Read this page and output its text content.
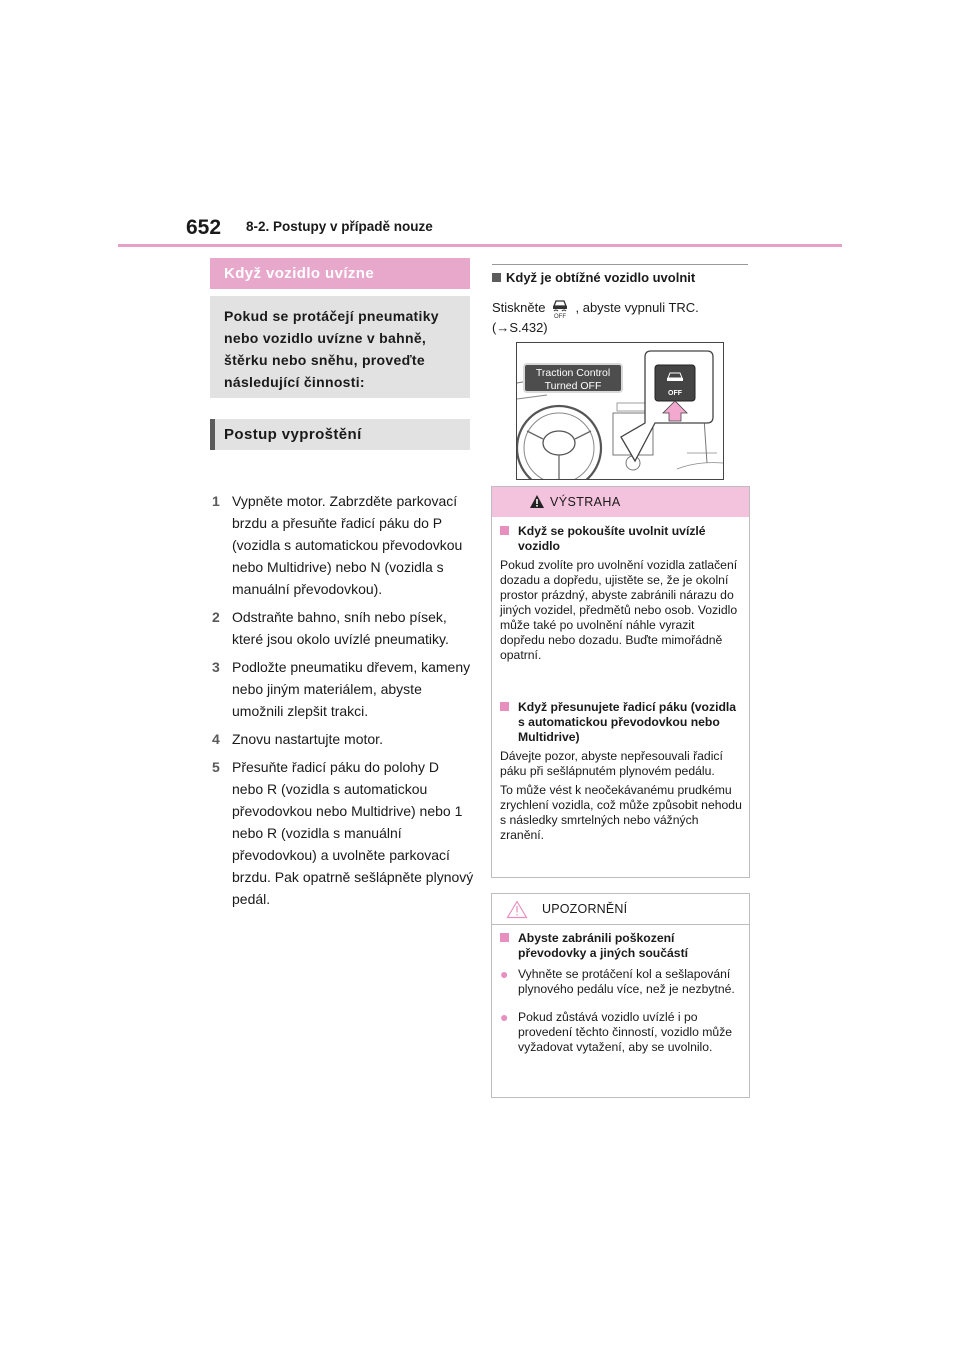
652 8-2. Postupy v případě nouze
Když vozidlo uvízne
Pokud se protáčejí pneumatiky nebo vozidlo uvízne v bahně, štěrku nebo sněhu, proveďte následující činnosti:
Postup vyproštění
1 Vypněte motor. Zabrzděte parkovací brzdu a přesuňte řadicí páku do P (vozidla s automatickou převodovkou nebo Multidrive) nebo N (vozidla s manuální převodovkou).
2 Odstraňte bahno, sníh nebo písek, které jsou okolo uvízlé pneumatiky.
3 Podložte pneumatiku dřevem, kameny nebo jiným materiálem, abyste umožnili zlepšit trakci.
4 Znovu nastartujte motor.
5 Přesuňte řadicí páku do polohy D nebo R (vozidla s automatickou převodovkou nebo Multidrive) nebo 1 nebo R (vozidla s manuální převodovkou) a uvolněte parkovací brzdu. Pak opatrně sešlápněte plynový pedál.
Když je obtížné vozidlo uvolnit
Stiskněte
OFF
, abyste vypnuli TRC.
(→S.432)
OFF
Traction Control
Turned OFF
VÝSTRAHA
Když se pokoušíte uvolnit uvízlé vozidlo
Pokud zvolíte pro uvolnění vozidla zatlačení dozadu a dopředu, ujistěte se, že je okolní prostor prázdný, abyste zabránili nárazu do jiných vozidel, předmětů nebo osob. Vozidlo může také po uvolnění náhle vyrazit dopředu nebo dozadu. Buďte mimořádně opatrní.
Když přesunujete řadicí páku (vozidla s automatickou převodovkou nebo Multidrive)
Dávejte pozor, abyste nepřesouvali řadicí páku při sešlápnutém plynovém pedálu.
To může vést k neočekávanému prudkému zrychlení vozidla, což může způsobit nehodu s následky smrtelných nebo vážných zranění.
UPOZORNĚNÍ
Abyste zabránili poškození převodovky a jiných součástí
● Vyhněte se protáčení kol a sešlapování plynového pedálu více, než je nezbytné.
● Pokud zůstává vozidlo uvízlé i po provedení těchto činností, vozidlo může vyžadovat vytažení, aby se uvolnilo.
